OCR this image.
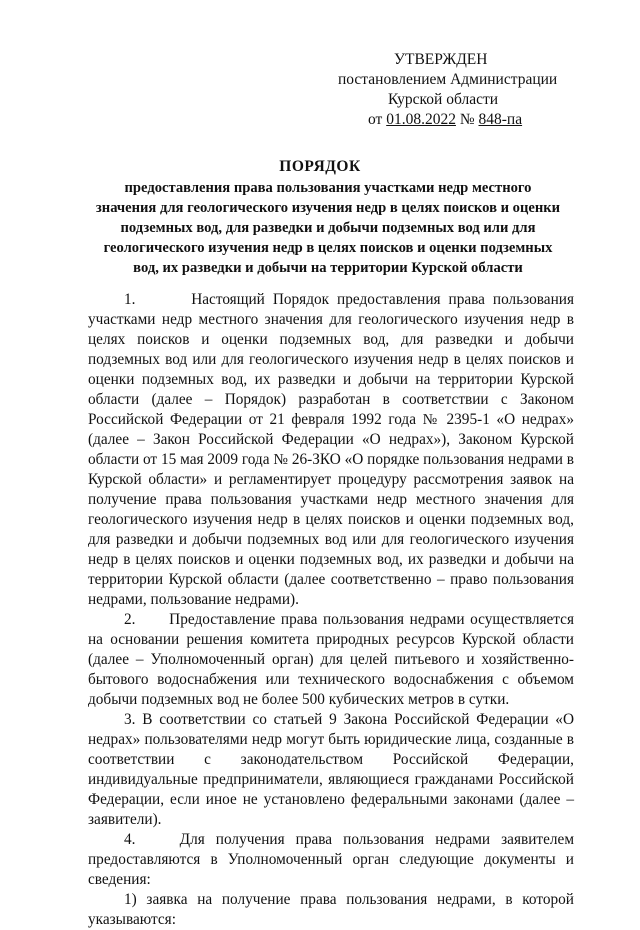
УТВЕРЖДЕН
постановлением Администрации
Курской области
от 01.08.2022 № 848-па
ПОРЯДОК
предоставления права пользования участками недр местного
значения для геологического изучения недр в целях поисков и оценки
подземных вод, для разведки и добычи подземных вод или для
геологического изучения недр в целях поисков и оценки подземных
вод, их разведки и добычи на территории Курской области

1.       Настоящий Порядок предоставления права пользования участками недр местного значения для геологического изучения недр в целях поисков и оценки подземных вод, для разведки и добычи подземных вод или для геологического изучения недр в целях поисков и оценки подземных вод, их разведки и добычи на территории Курской области (далее – Порядок) разработан в соответствии с Законом Российской Федерации от 21 февраля 1992 года № 2395-1 «О недрах» (далее – Закон Российской Федерации «О недрах»), Законом Курской области от 15 мая 2009 года № 26-ЗКО «О порядке пользования недрами в Курской области» и регламентирует процедуру рассмотрения заявок на получение права пользования участками недр местного значения для геологического изучения недр в целях поисков и оценки подземных вод, для разведки и добычи подземных вод или для геологического изучения недр в целях поисков и оценки подземных вод, их разведки и добычи на территории Курской области (далее соответственно – право пользования недрами, пользование недрами).

2.      Предоставление права пользования недрами осуществляется на основании решения комитета природных ресурсов Курской области (далее – Уполномоченный орган) для целей питьевого и хозяйственно-бытового водоснабжения или технического водоснабжения с объемом добычи подземных вод не более 500 кубических метров в сутки.

3. В соответствии со статьей 9 Закона Российской Федерации «О недрах» пользователями недр могут быть юридические лица, созданные в соответствии с законодательством Российской Федерации, индивидуальные предприниматели, являющиеся гражданами Российской Федерации, если иное не установлено федеральными законами (далее – заявители).

4.    Для получения права пользования недрами заявителем предоставляются в Уполномоченный орган следующие документы и сведения:

1) заявка на получение права пользования недрами, в которой указываются:
